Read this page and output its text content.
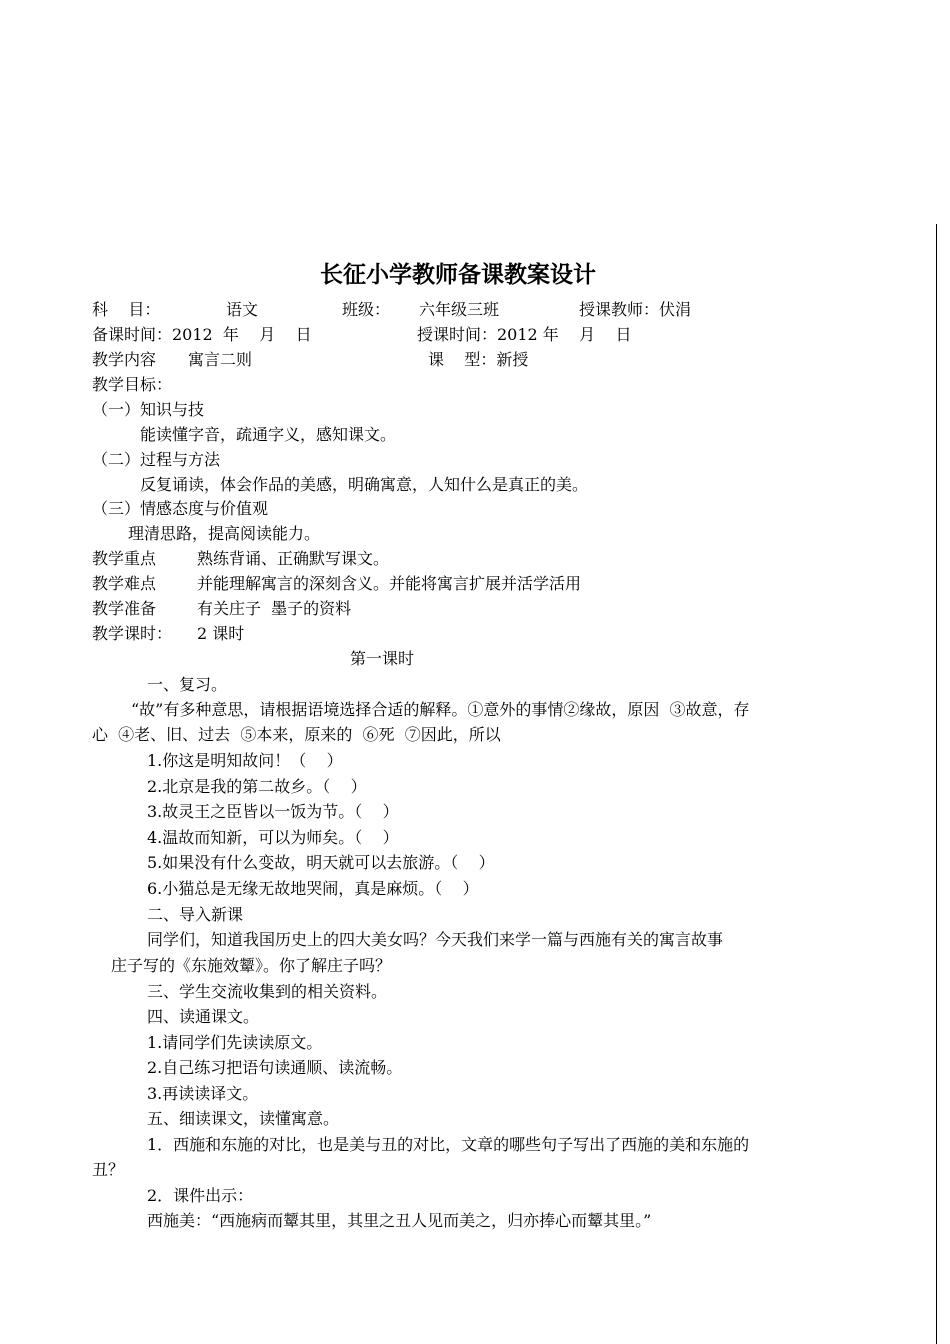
长征小学教师备课教案设计
科    目：	语文	班级： 六年级三班	授课教师：伏涓
备课时间：2012  年    月    日	授课时间：2012 年    月    日
教学内容 寓言二则	课    型：新授
教学目标：
（一）知识与技
能读懂字音，疏通字义，感知课文。
（二）过程与方法
反复诵读，体会作品的美感，明确寓意，人知什么是真正的美。
（三）情感态度与价值观
理清思路，提高阅读能力。
教学重点	熟练背诵、正确默写课文。
教学难点	并能理解寓言的深刻含义。并能将寓言扩展并活学活用
教学准备	有关庄子  墨子的资料
教学课时： 2 课时
第一课时
一、复习。
“故”有多种意思，请根据语境选择合适的解释。①意外的事情②缘故，原因  ③故意，存
心  ④老、旧、过去  ⑤本来，原来的  ⑥死  ⑦因此，所以
1.你这是明知故问！（    ）
2.北京是我的第二故乡。（    ）
3.故灵王之臣皆以一饭为节。（    ）
4.温故而知新，可以为师矣。（    ）
5.如果没有什么变故，明天就可以去旅游。（    ）
6.小猫总是无缘无故地哭闹，真是麻烦。（    ）
二、导入新课
同学们，知道我国历史上的四大美女吗？今天我们来学一篇与西施有关的寓言故事
庄子写的《东施效颦》。你了解庄子吗？
三、学生交流收集到的相关资料。
四、读通课文。
1.请同学们先读读原文。
2.自己练习把语句读通顺、读流畅。
3.再读读译文。
五、细读课文，读懂寓意。
1．西施和东施的对比，也是美与丑的对比，文章的哪些句子写出了西施的美和东施的
丑？
2．课件出示：
西施美：“西施病而颦其里，其里之丑人见而美之，归亦捧心而颦其里。”
